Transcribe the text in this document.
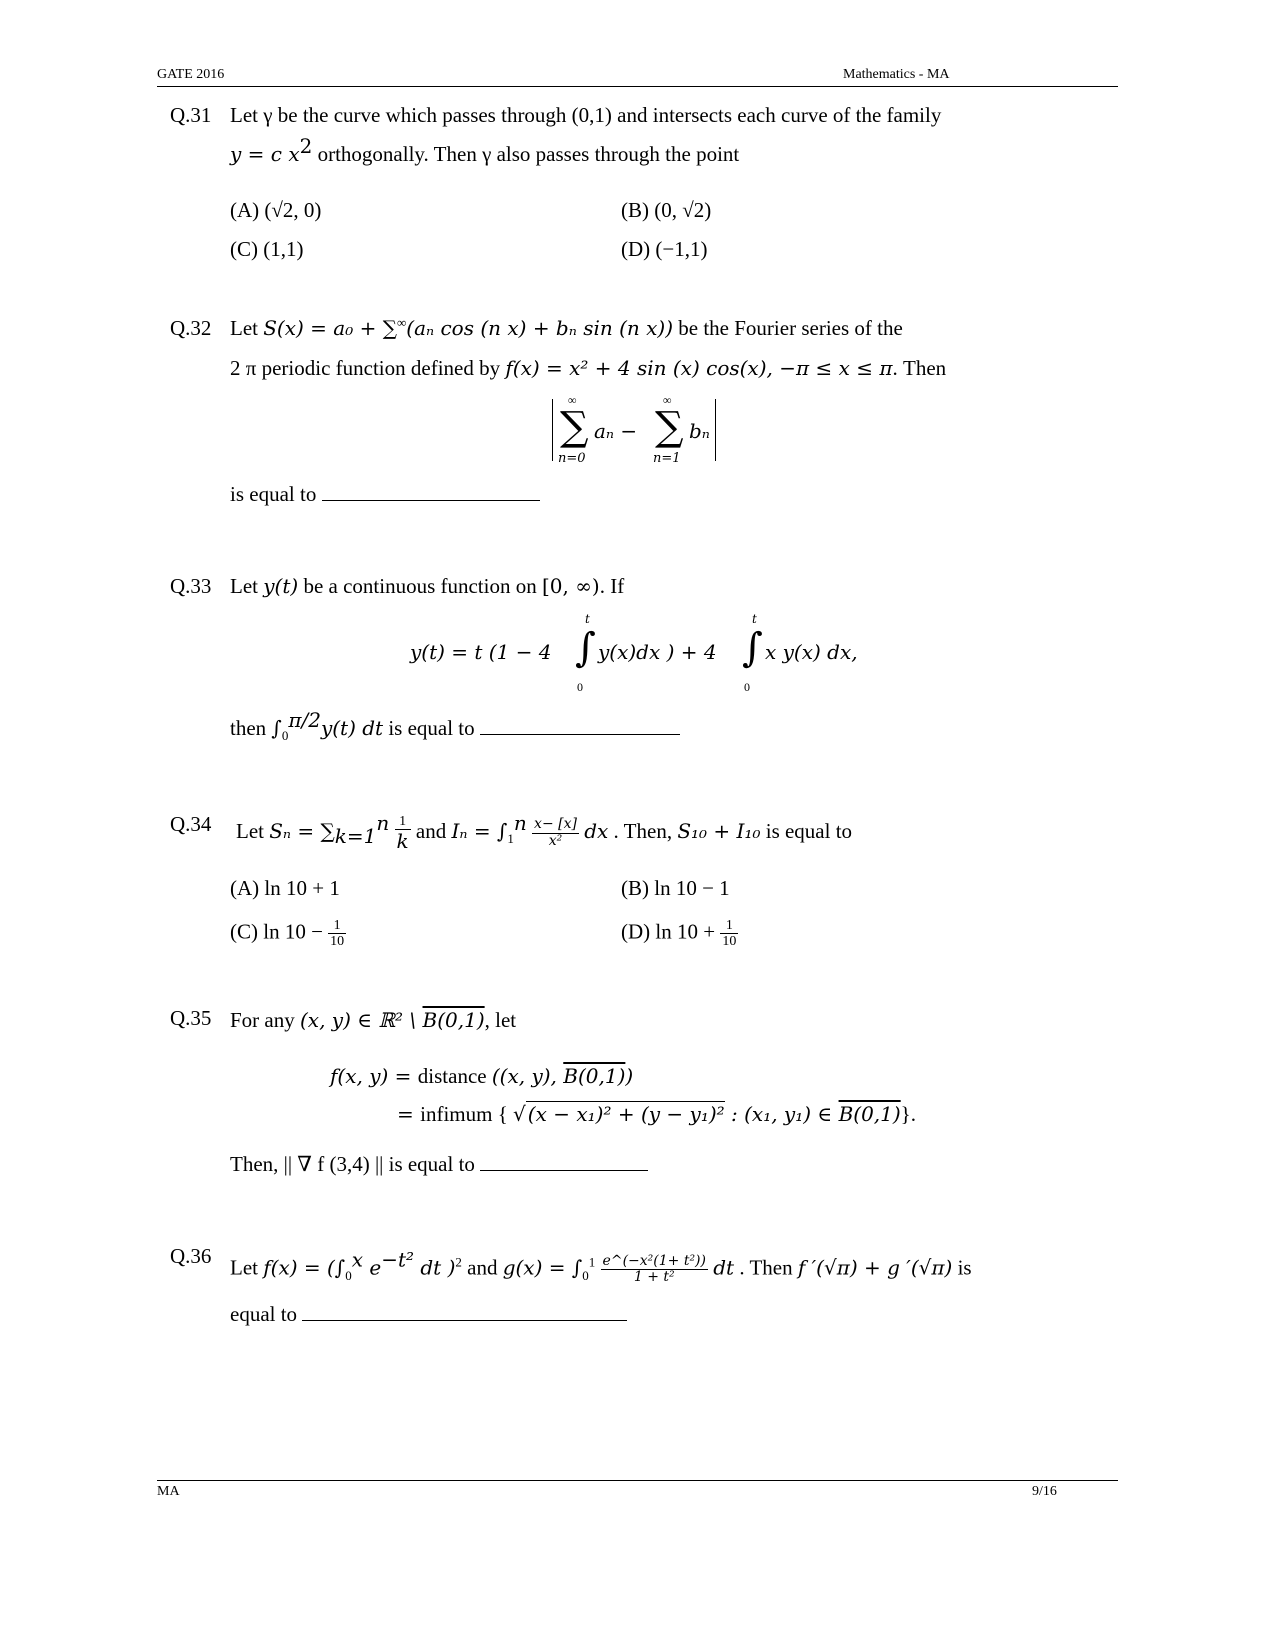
GATE 2016	Mathematics - MA
Q.31 Let γ be the curve which passes through (0,1) and intersects each curve of the family
y = c $x^2$ orthogonally. Then γ also passes through the point
(A) (√2, 0)	(B) (0, √2)
(C) (1,1)	(D) (−1,1)
Q.32 Let S(x) = a₀ + ∑∞(aₙ cos (n x) + bₙ sin (n x)) be the Fourier series of the
2 π periodic function defined by f(x) = x² + 4 sin (x) cos(x), −π ≤ x ≤ π. Then
∞
∑
n=0
aₙ −
∞
∑
n=1
bₙ
is equal to
Q.33 Let y(t) be a continuous function on [0, ∞). If
y(t) = t (1 − 4
t
∫
0
y(x)dx ) + 4
t
∫
0
x y(x) dx,
then $\int_0^{\pi/2}y(t)$ dt is equal to
Q.34 Let $S_n = \sum_{k=1}^n \frac{1}{k}$ and $I_n = \int_1^n \frac{x- [x]}{\text{x²}}$ dx . Then, S₁₀ + I₁₀ is equal to
(A) ln 10 + 1	(B) ln 10 − 1
(C) $\ln 10 - \frac{1}{10}$	(D) $\ln 10 + \frac{1}{10}$
Q.35 For any (x, y) ∈ ℝ² \ B(0,1), let
f(x, y) = distance ((x, y), B(0,1))
= infimum { √ (x − x₁)² + (y − y₁)² : (x₁, y₁) ∈ B(0,1)}.
Then, || ∇ f (3,4) || is equal to
Q.36 Let $f(x) = (\int_0^x$ $e^{-t^2}$ dt )$^2$ and $g(x) = \int_0^1 \frac{\text{e\textasciicircum{}(−x²(1+ t²))}}{\text{1 + t²}}$ dt . Then f ′(√π) + g ′(√π) is
equal to
MA	9/16
